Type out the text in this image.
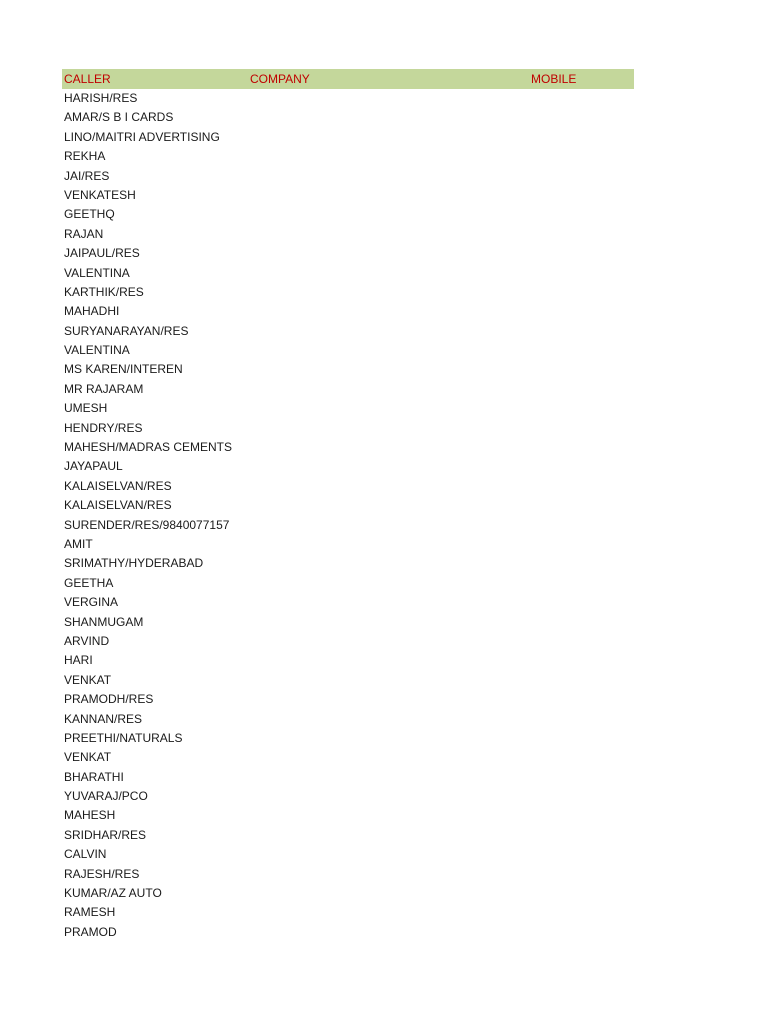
CALLER	COMPANY	MOBILE
HARISH/RES
AMAR/S B I CARDS
LINO/MAITRI ADVERTISING
REKHA
JAI/RES
VENKATESH
GEETHQ
RAJAN
JAIPAUL/RES
VALENTINA
KARTHIK/RES
MAHADHI
SURYANARAYAN/RES
VALENTINA
MS KAREN/INTEREN
MR RAJARAM
UMESH
HENDRY/RES
MAHESH/MADRAS CEMENTS
JAYAPAUL
KALAISELVAN/RES
KALAISELVAN/RES
SURENDER/RES/9840077157
AMIT
SRIMATHY/HYDERABAD
GEETHA
VERGINA
SHANMUGAM
ARVIND
HARI
VENKAT
PRAMODH/RES
KANNAN/RES
PREETHI/NATURALS
VENKAT
BHARATHI
YUVARAJ/PCO
MAHESH
SRIDHAR/RES
CALVIN
RAJESH/RES
KUMAR/AZ AUTO
RAMESH
PRAMOD
